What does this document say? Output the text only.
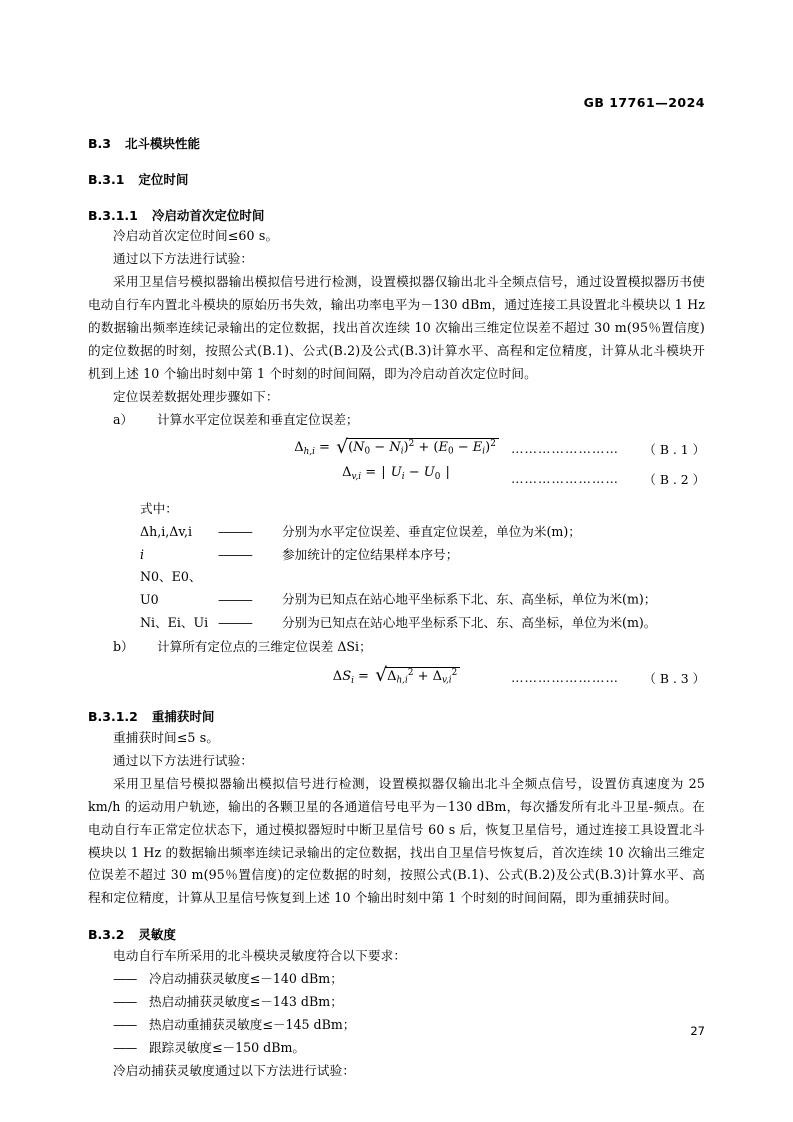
GB 17761—2024
B.3 北斗模块性能
B.3.1 定位时间
B.3.1.1 冷启动首次定位时间

冷启动首次定位时间≤60 s。

通过以下方法进行试验：

采用卫星信号模拟器输出模拟信号进行检测，设置模拟器仅输出北斗全频点信号，通过设置模拟器历书使电动自行车内置北斗模块的原始历书失效，输出功率电平为－130 dBm，通过连接工具设置北斗模块以 1 Hz 的数据输出频率连续记录输出的定位数据，找出首次连续 10 次输出三维定位误差不超过 30 m(95％置信度)的定位数据的时刻，按照公式(B.1)、公式(B.2)及公式(B.3)计算水平、高程和定位精度，计算从北斗模块开机到上述 10 个输出时刻中第 1 个时刻的时间间隔，即为冷启动首次定位时间。

定位误差数据处理步骤如下：

a） 计算水平定位误差和垂直定位误差；

$\Delta_{h,i} = √(N_0 - N_i)^2 + (E_0 - E_i)^2$	…………………… （ B . 1 ）
$\Delta_{v,i}$ = | $U_i - U_0$ |	…………………… （ B . 2 ）

式中：

Δh,i,Δv,i ——— 分别为水平定位误差、垂直定位误差，单位为米(m)；

i	——— 参加统计的定位结果样本序号；

N0、E0、U0	——— 分别为已知点在站心地平坐标系下北、东、高坐标，单位为米(m)；

Ni、Ei、Ui ——— 分别为已知点在站心地平坐标系下北、东、高坐标，单位为米(m)。

b） 计算所有定位点的三维定位误差 ΔSi；

$\Delta S_i = √\Delta_{h,i}^2 + \Delta_{v,i}^2$	…………………… （ B . 3 ）
B.3.1.2 重捕获时间

重捕获时间≤5 s。

通过以下方法进行试验：

采用卫星信号模拟器输出模拟信号进行检测，设置模拟器仅输出北斗全频点信号，设置仿真速度为 25 km/h 的运动用户轨迹，输出的各颗卫星的各通道信号电平为－130 dBm，每次播发所有北斗卫星-频点。在电动自行车正常定位状态下，通过模拟器短时中断卫星信号 60 s 后，恢复卫星信号，通过连接工具设置北斗模块以 1 Hz 的数据输出频率连续记录输出的定位数据，找出自卫星信号恢复后，首次连续 10 次输出三维定位误差不超过 30 m(95％置信度)的定位数据的时刻，按照公式(B.1)、公式(B.2)及公式(B.3)计算水平、高程和定位精度，计算从卫星信号恢复到上述 10 个输出时刻中第 1 个时刻的时间间隔，即为重捕获时间。

B.3.2 灵敏度

电动自行车所采用的北斗模块灵敏度符合以下要求：

—— 冷启动捕获灵敏度≤－140 dBm；

—— 热启动捕获灵敏度≤－143 dBm；

—— 热启动重捕获灵敏度≤－145 dBm；

—— 跟踪灵敏度≤－150 dBm。

冷启动捕获灵敏度通过以下方法进行试验：

27
